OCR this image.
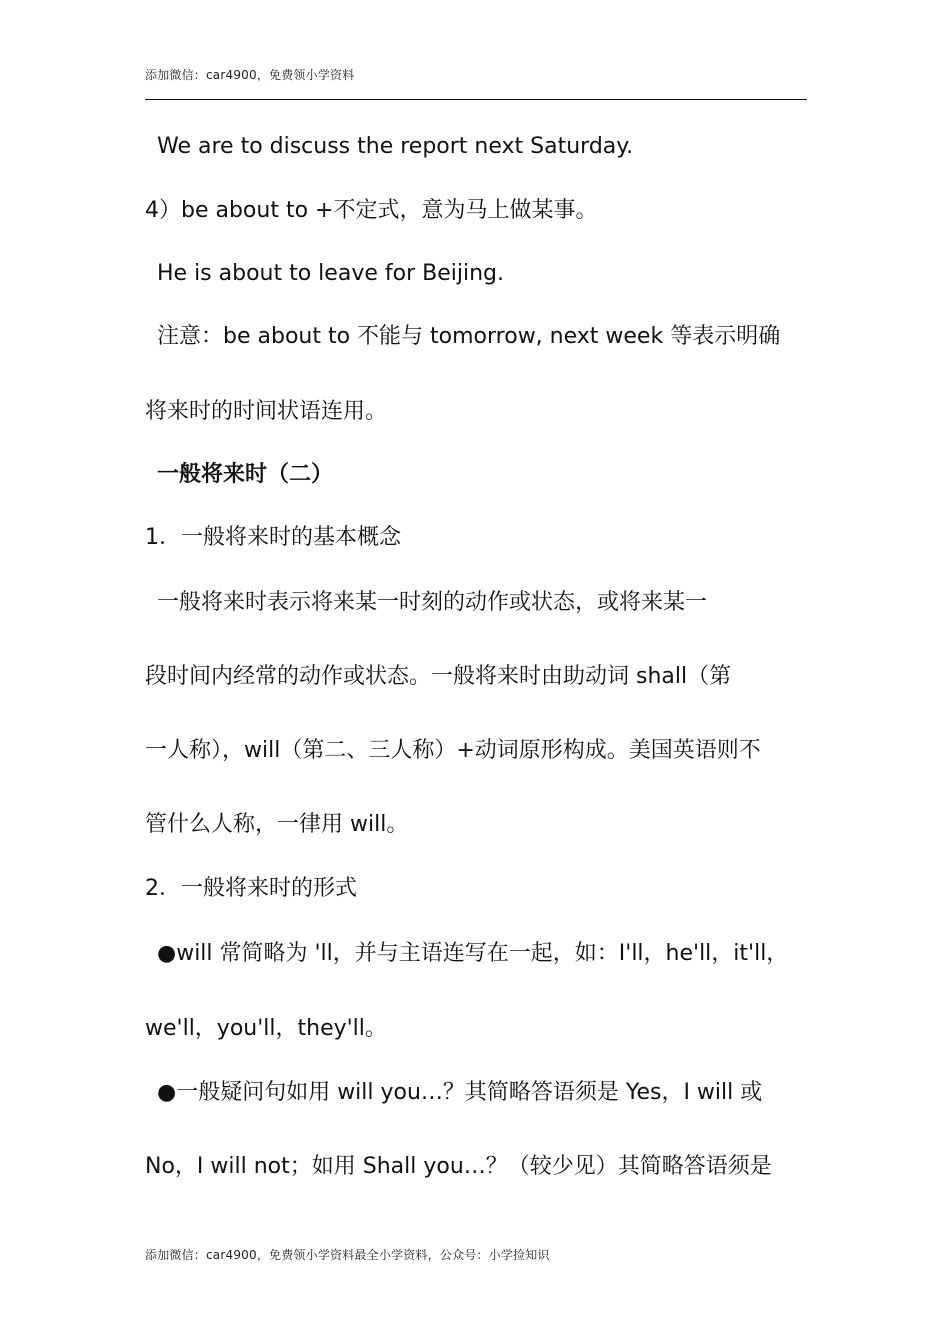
添加微信：car4900，免费领小学资料
We are to discuss the report next Saturday.
4）be about to +不定式，意为马上做某事。
He is about to leave for Beijing.
注意：be about to 不能与 tomorrow, next week 等表示明确
将来时的时间状语连用。
一般将来时（二）
1．一般将来时的基本概念
一般将来时表示将来某一时刻的动作或状态，或将来某一
段时间内经常的动作或状态。一般将来时由助动词 shall（第
一人称），will（第二、三人称）+动词原形构成。美国英语则不
管什么人称，一律用 will。
2．一般将来时的形式
●will 常简略为 'll，并与主语连写在一起，如：I'll，he'll，it'll，
we'll，you'll，they'll。
●一般疑问句如用 will you…？其简略答语须是 Yes，I will 或
No，I will not；如用 Shall you…？（较少见）其简略答语须是
添加微信：car4900，免费领小学资料最全小学资料，公众号：小学捡知识
